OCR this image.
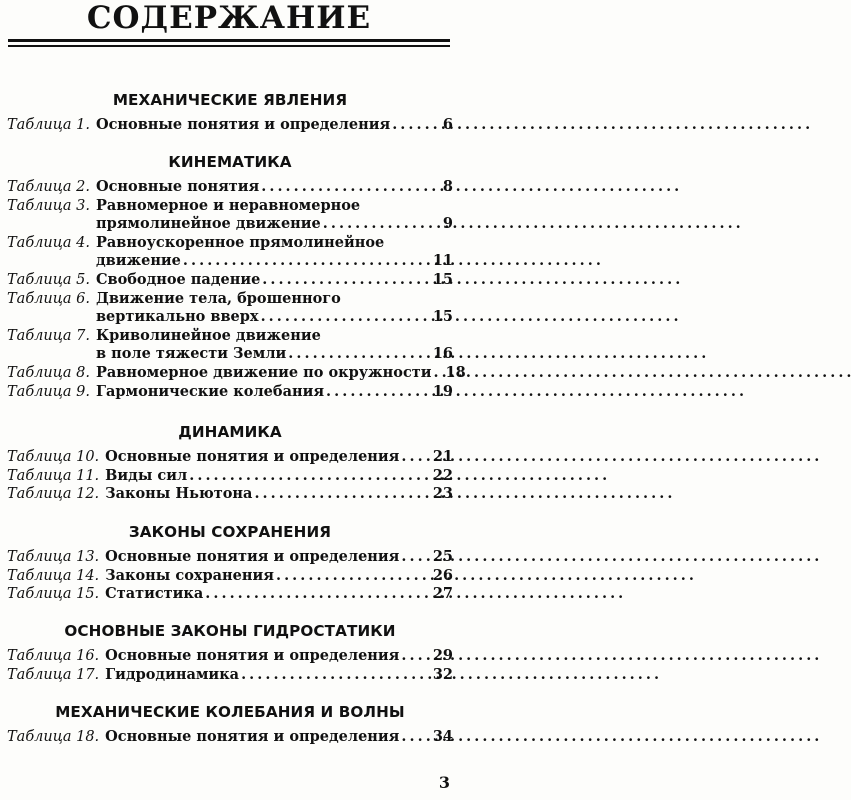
СОДЕРЖАНИЕ
МЕХАНИЧЕСКИЕ ЯВЛЕНИЯ
Таблица 1. Основные понятия и определения . . .	6
КИНЕМАТИКА
Таблица 2. Основные понятия . . .	8
Таблица 3. Равномерное и неравномерное
прямолинейное движение . . .	9
Таблица 4. Равноускоренное прямолинейное
движение . . .	11
Таблица 5. Свободное падение . . .	15
Таблица 6. Движение тела, брошенного
вертикально вверх . . .	15
Таблица 7. Криволинейное движение
в поле тяжести Земли . . .	16
Таблица 8. Равномерное движение по окружности . . . 18
Таблица 9. Гармонические колебания . . .	19
ДИНАМИКА
Таблица 10. Основные понятия и определения . . . 21
Таблица 11. Виды сил . . .	22
Таблица 12. Законы Ньютона . . .	23
ЗАКОНЫ СОХРАНЕНИЯ
Таблица 13. Основные понятия и определения . . . 25
Таблица 14. Законы сохранения . . .	26
Таблица 15. Статистика . . .	27
ОСНОВНЫЕ ЗАКОНЫ ГИДРОСТАТИКИ
Таблица 16. Основные понятия и определения . . . 29
Таблица 17. Гидродинамика . . .	32
МЕХАНИЧЕСКИЕ КОЛЕБАНИЯ И ВОЛНЫ
Таблица 18. Основные понятия и определения . . . 34
3
